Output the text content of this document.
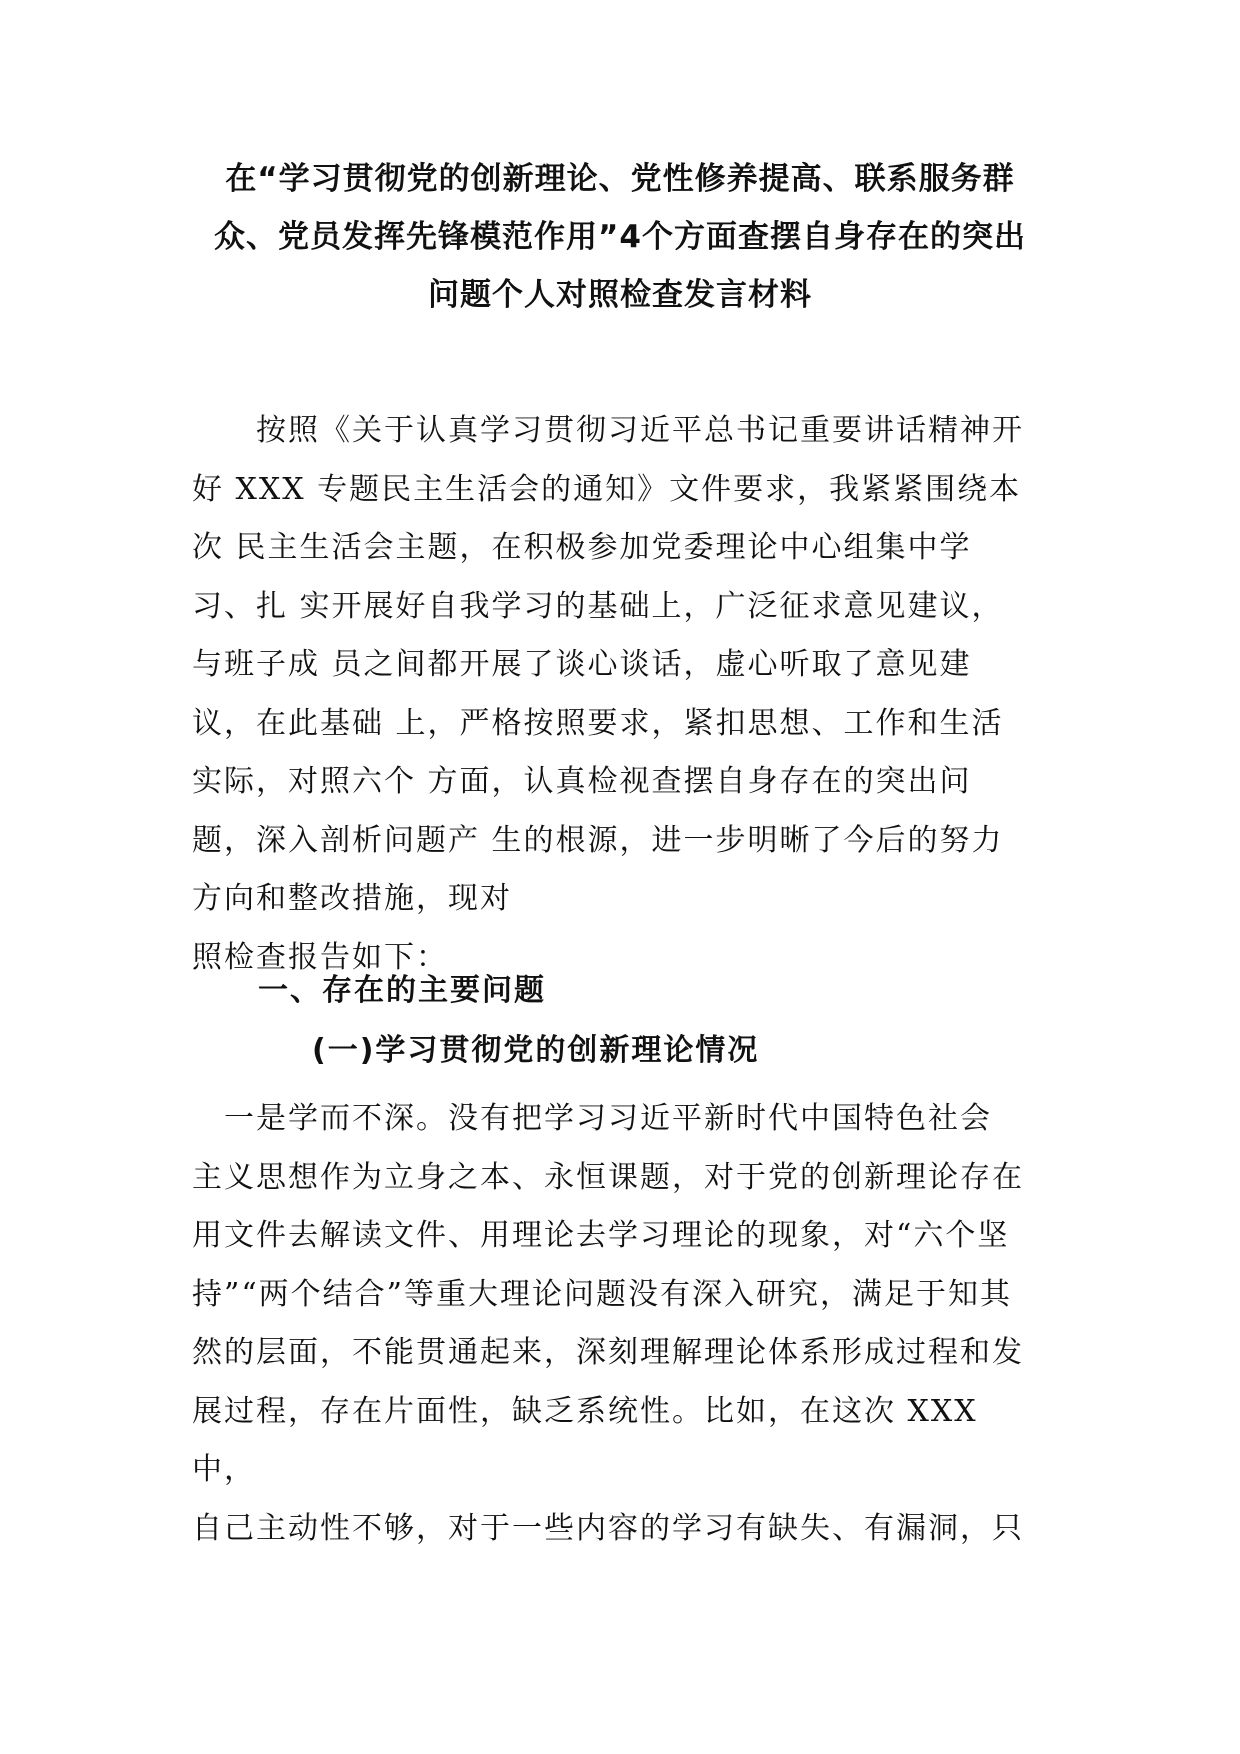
在“学习贯彻党的创新理论、党性修养提高、联系服务群
众、党员发挥先锋模范作用”4个方面查摆自身存在的突出
问题个人对照检查发言材料
　　按照《关于认真学习贯彻习近平总书记重要讲话精神开
好 XXX 专题民主生活会的通知》文件要求，我紧紧围绕本
次 民主生活会主题，在积极参加党委理论中心组集中学
习、扎 实开展好自我学习的基础上，广泛征求意见建议，
与班子成 员之间都开展了谈心谈话，虚心听取了意见建
议，在此基础 上，严格按照要求，紧扣思想、工作和生活
实际，对照六个 方面，认真检视查摆自身存在的突出问
题，深入剖析问题产 生的根源，进一步明晰了今后的努力
方向和整改措施，现对
照检查报告如下：
一、存在的主要问题
(一)学习贯彻党的创新理论情况
　一是学而不深。没有把学习习近平新时代中国特色社会
主义思想作为立身之本、永恒课题，对于党的创新理论存在
用文件去解读文件、用理论去学习理论的现象，对“六个坚
持”“两个结合”等重大理论问题没有深入研究，满足于知其
然的层面，不能贯通起来，深刻理解理论体系形成过程和发
展过程，存在片面性，缺乏系统性。比如，在这次 XXX
中，
自己主动性不够，对于一些内容的学习有缺失、有漏洞，只
